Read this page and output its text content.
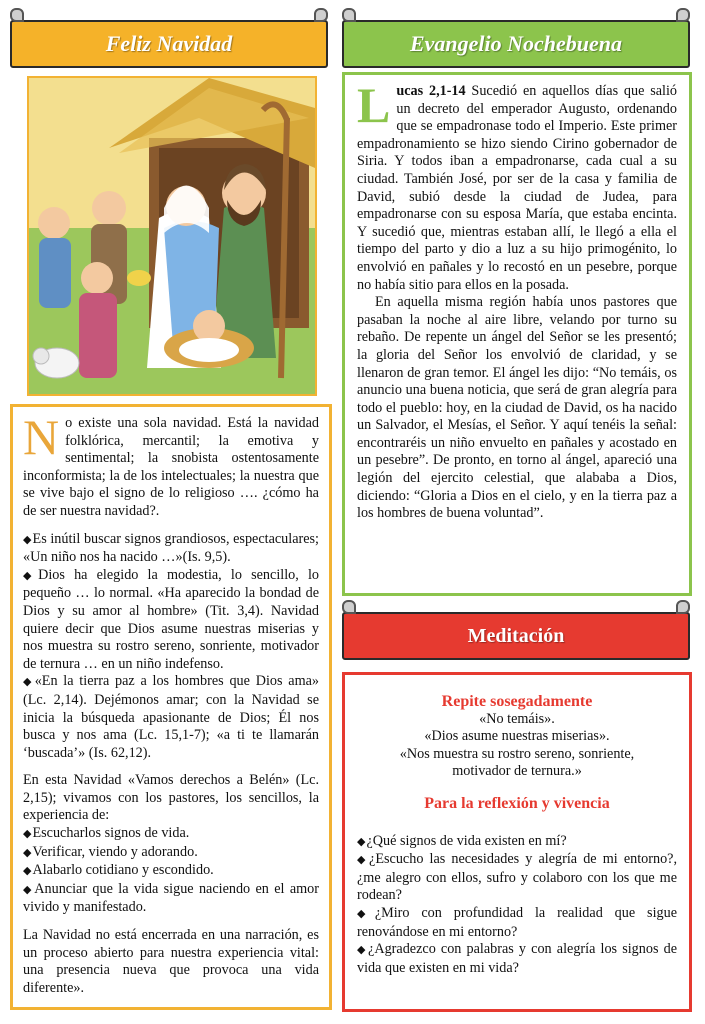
Feliz Navidad	Evangelio Nochebuena
Meditación
N o existe una sola navidad. Está la navidad folklórica, mercantil; la emotiva y sentimental; la snobista ostentosamente inconformista; la de los intelectuales; la nuestra que se vive bajo el signo de lo religioso …. ¿cómo ha de ser nuestra navidad?.

◆ Es inútil buscar signos grandiosos, espectaculares; «Un niño nos ha nacido …»(Is. 9,5).

◆ Dios ha elegido la modestia, lo sencillo, lo pequeño … lo normal. «Ha aparecido la bondad de Dios y su amor al hombre» (Tit. 3,4). Navidad quiere decir que Dios asume nuestras miserias y nos muestra su rostro sereno, sonriente, motivador de ternura … en un niño indefenso.

◆ «En la tierra paz a los hombres que Dios ama» (Lc. 2,14). Dejémonos amar; con la Navidad se inicia la búsqueda apasionante de Dios; Él nos busca y nos ama (Lc. 15,1-7); «a ti te llamarán ‘buscada’» (Is. 62,12).

En esta Navidad «Vamos derechos a Belén» (Lc. 2,15); vivamos con los pastores, los sencillos, la experiencia de:

◆ Escucharlos signos de vida.

◆ Verificar, viendo y adorando.

◆ Alabarlo cotidiano y escondido.

◆ Anunciar que la vida sigue naciendo en el amor vivido y manifestado.

La Navidad no está encerrada en una narración, es un proceso abierto para nuestra experiencia vital: una presencia nueva que provoca una vida diferente».

L ucas 2,1-14 Sucedió en aquellos días que salió un decreto del emperador Augusto, ordenando que se empadronase todo el Imperio. Este primer empadronamiento se hizo siendo Cirino gobernador de Siria. Y todos iban a empadronarse, cada cual a su ciudad. También José, por ser de la casa y familia de David, subió desde la ciudad de Judea, para empadronarse con su esposa María, que estaba encinta. Y sucedió que, mientras estaban allí, le llegó a ella el tiempo del parto y dio a luz a su hijo primogénito, lo envolvió en pañales y lo recostó en un pesebre, porque no había sitio para ellos en la posada.

En aquella misma región había unos pastores que pasaban la noche al aire libre, velando por turno su rebaño. De repente un ángel del Señor se les presentó; la gloria del Señor los envolvió de claridad, y se llenaron de gran temor. El ángel les dijo: “No temáis, os anuncio una buena noticia, que será de gran alegría para todo el pueblo: hoy, en la ciudad de David, os ha nacido un Salvador, el Mesías, el Señor. Y aquí tenéis la señal: encontraréis un niño envuelto en pañales y acostado en un pesebre”. De pronto, en torno al ángel, apareció una legión del ejercito celestial, que alababa a Dios, diciendo: “Gloria a Dios en el cielo, y en la tierra paz a los hombres de buena voluntad”.

Repite sosegadamente

«No temáis».

«Dios asume nuestras miserias».

«Nos muestra su rostro sereno, sonriente,

motivador de ternura.»

Para la reflexión y vivencia

◆ ¿Qué signos de vida existen en mí?

◆ ¿Escucho las necesidades y alegría de mi entorno?, ¿me alegro con ellos, sufro y colaboro con los que me rodean?

◆ ¿Miro con profundidad la realidad que sigue renovándose en mi entorno?

◆ ¿Agradezco con palabras y con alegría los signos de vida que existen en mi vida?
